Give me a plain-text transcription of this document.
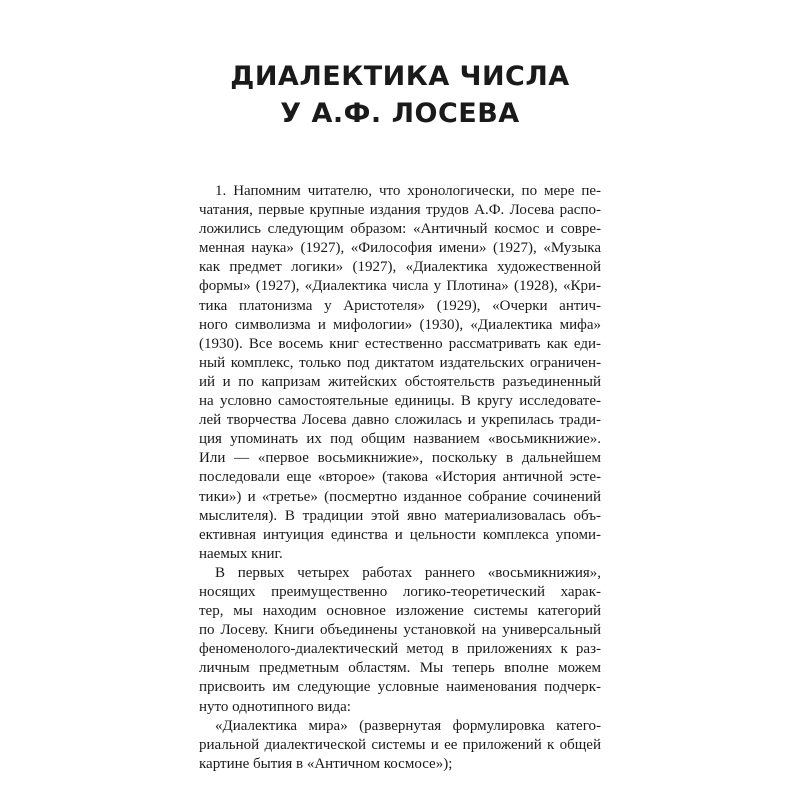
ДИАЛЕКТИКА ЧИСЛА
У А.Ф. ЛОСЕВА
1. Напомним читателю, что хронологически, по мере пе-
чатания, первые крупные издания трудов А.Ф. Лосева распо-
ложились следующим образом: «Античный космос и совре-
менная наука» (1927), «Философия имени» (1927), «Музыка
как предмет логики» (1927), «Диалектика художественной
формы» (1927), «Диалектика числа у Плотина» (1928), «Кри-
тика платонизма у Аристотеля» (1929), «Очерки антич-
ного символизма и мифологии» (1930), «Диалектика мифа»
(1930). Все восемь книг естественно рассматривать как еди-
ный комплекс, только под диктатом издательских ограничен-
ий и по капризам житейских обстоятельств разъединенный
на условно самостоятельные единицы. В кругу исследовате-
лей творчества Лосева давно сложилась и укрепилась тради-
ция упоминать их под общим названием «восьмикнижие».
Или — «первое восьмикнижие», поскольку в дальнейшем
последовали еще «второе» (такова «История античной эсте-
тики») и «третье» (посмертно изданное собрание сочинений
мыслителя). В традиции этой явно материализовалась объ-
ективная интуиция единства и цельности комплекса упоми-
наемых книг.
В первых четырех работах раннего «восьмикнижия»,
носящих преимущественно логико-теоретический харак-
тер, мы находим основное изложение системы категорий
по Лосеву. Книги объединены установкой на универсальный
феноменолого-диалектический метод в приложениях к раз-
личным предметным областям. Мы теперь вполне можем
присвоить им следующие условные наименования подчерк-
нуто однотипного вида:
«Диалектика мира» (развернутая формулировка катего-
риальной диалектической системы и ее приложений к общей
картине бытия в «Античном космосе»);
